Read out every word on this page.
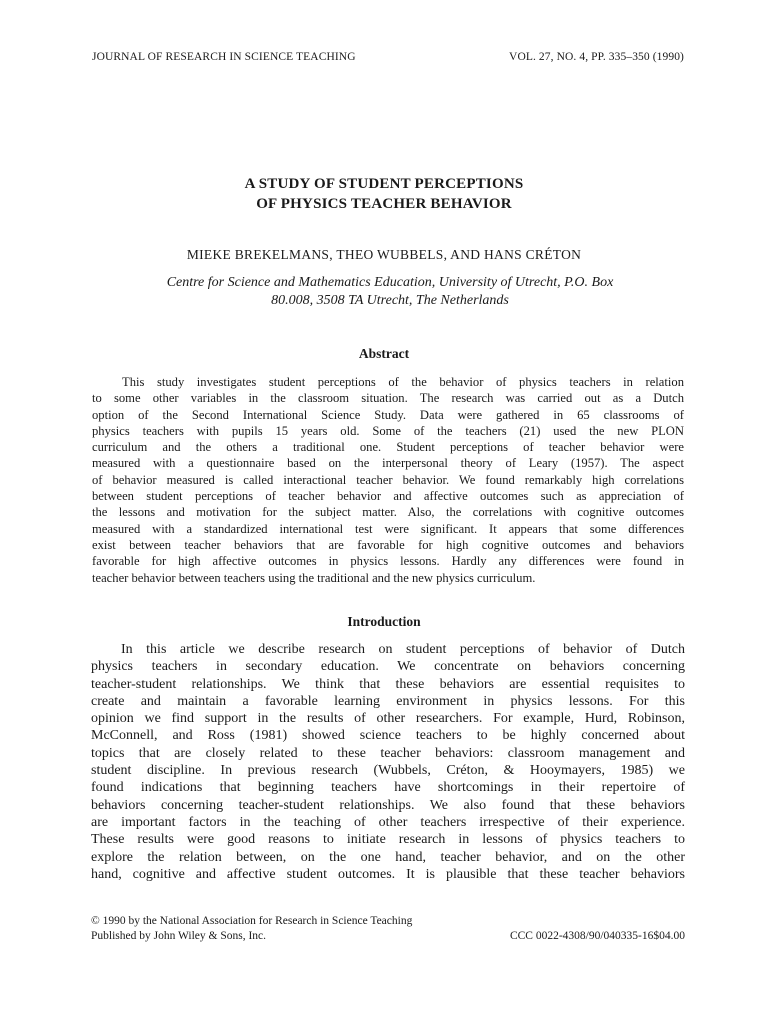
JOURNAL OF RESEARCH IN SCIENCE TEACHING	VOL. 27, NO. 4, PP. 335–350 (1990)
A STUDY OF STUDENT PERCEPTIONS
OF PHYSICS TEACHER BEHAVIOR
MIEKE BREKELMANS, THEO WUBBELS, AND HANS CRÉTON
Centre for Science and Mathematics Education, University of Utrecht, P.O. Box
80.008, 3508 TA Utrecht, The Netherlands
Abstract
This study investigates student perceptions of the behavior of physics teachers in relation
to some other variables in the classroom situation. The research was carried out as a Dutch
option of the Second International Science Study. Data were gathered in 65 classrooms of
physics teachers with pupils 15 years old. Some of the teachers (21) used the new PLON
curriculum and the others a traditional one. Student perceptions of teacher behavior were
measured with a questionnaire based on the interpersonal theory of Leary (1957). The aspect
of behavior measured is called interactional teacher behavior. We found remarkably high correlations
between student perceptions of teacher behavior and affective outcomes such as appreciation of
the lessons and motivation for the subject matter. Also, the correlations with cognitive outcomes
measured with a standardized international test were significant. It appears that some differences
exist between teacher behaviors that are favorable for high cognitive outcomes and behaviors
favorable for high affective outcomes in physics lessons. Hardly any differences were found in
teacher behavior between teachers using the traditional and the new physics curriculum.
Introduction
In this article we describe research on student perceptions of behavior of Dutch
physics teachers in secondary education. We concentrate on behaviors concerning
teacher-student relationships. We think that these behaviors are essential requisites to
create and maintain a favorable learning environment in physics lessons. For this
opinion we find support in the results of other researchers. For example, Hurd, Robinson,
McConnell, and Ross (1981) showed science teachers to be highly concerned about
topics that are closely related to these teacher behaviors: classroom management and
student discipline. In previous research (Wubbels, Créton, & Hooymayers, 1985) we
found indications that beginning teachers have shortcomings in their repertoire of
behaviors concerning teacher-student relationships. We also found that these behaviors
are important factors in the teaching of other teachers irrespective of their experience.
These results were good reasons to initiate research in lessons of physics teachers to
explore the relation between, on the one hand, teacher behavior, and on the other
hand, cognitive and affective student outcomes. It is plausible that these teacher behaviors
© 1990 by the National Association for Research in Science Teaching
Published by John Wiley & Sons, Inc.	CCC 0022-4308/90/040335-16$04.00
